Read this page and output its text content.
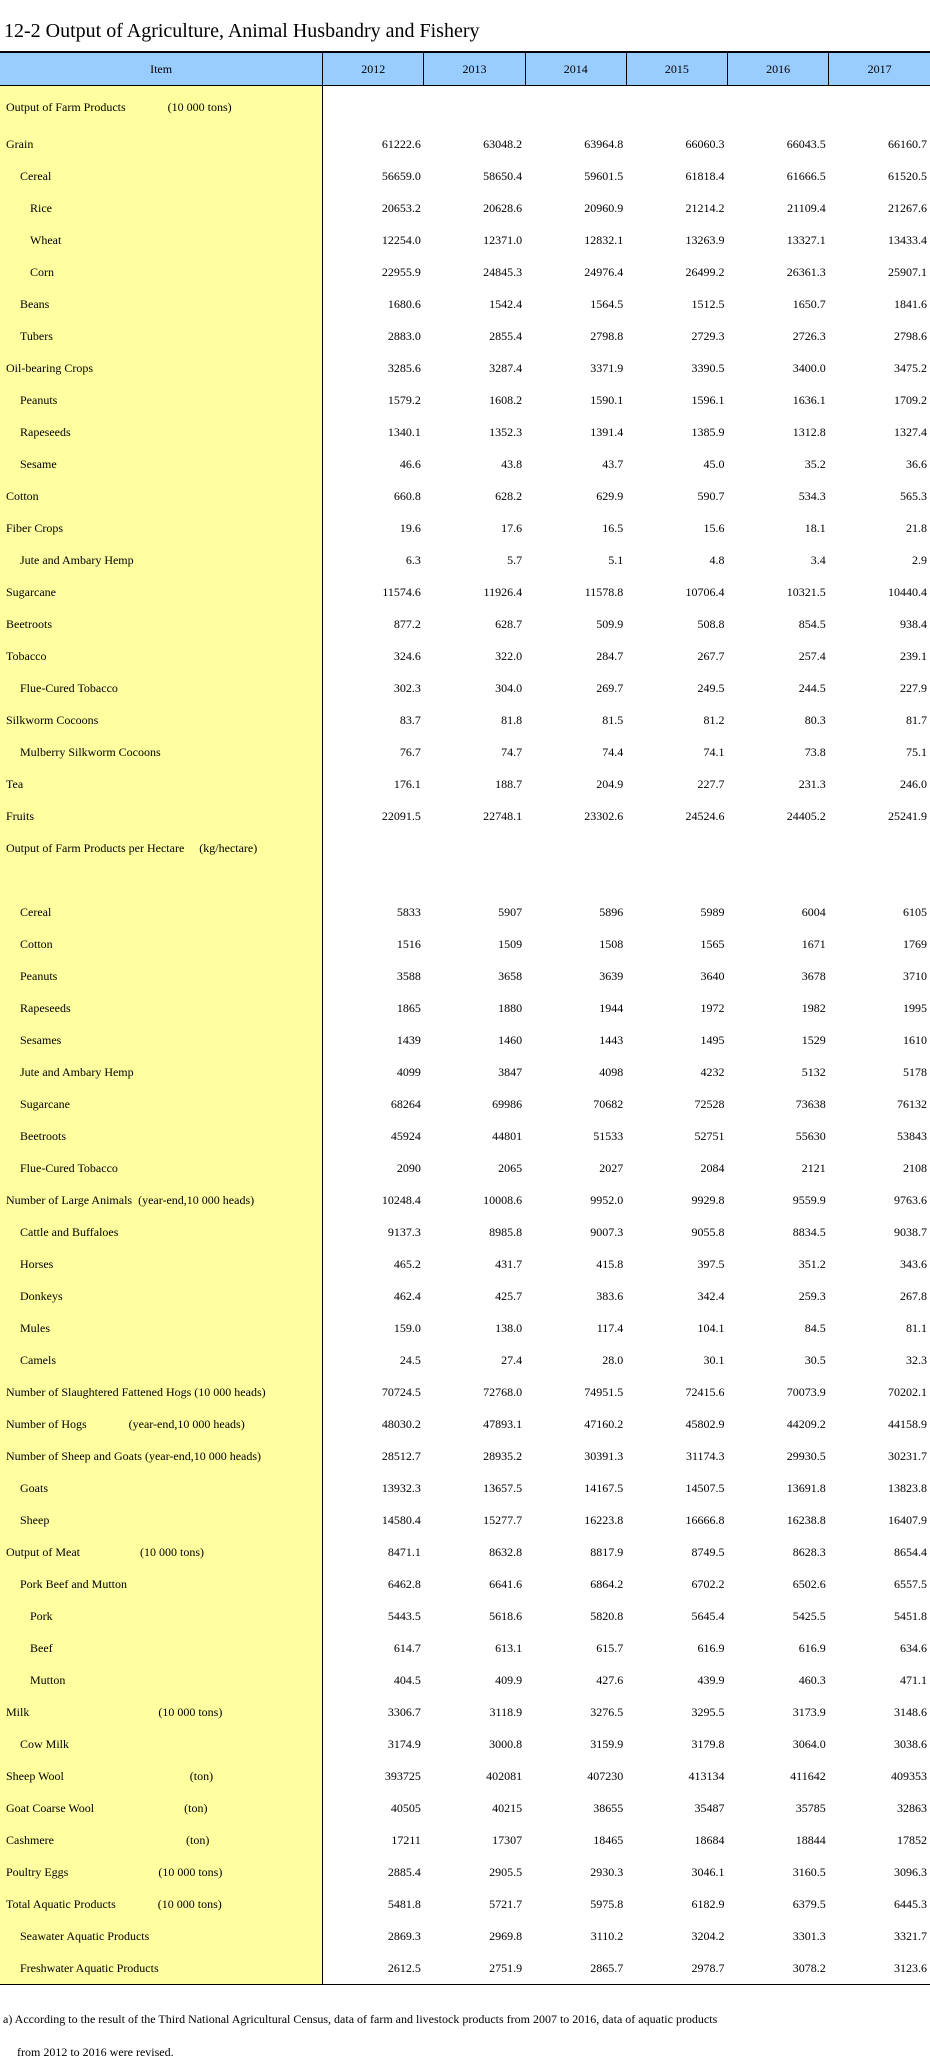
12-2 Output of Agriculture, Animal Husbandry and Fishery
Item	2012	2013	2014	2015	2016	2017
Output of Farm Products              (10 000 tons)						
Grain	61222.6	63048.2	63964.8	66060.3	66043.5	66160.7
Cereal	56659.0	58650.4	59601.5	61818.4	61666.5	61520.5
Rice	20653.2	20628.6	20960.9	21214.2	21109.4	21267.6
Wheat	12254.0	12371.0	12832.1	13263.9	13327.1	13433.4
Corn	22955.9	24845.3	24976.4	26499.2	26361.3	25907.1
Beans	1680.6	1542.4	1564.5	1512.5	1650.7	1841.6
Tubers	2883.0	2855.4	2798.8	2729.3	2726.3	2798.6
Oil-bearing Crops	3285.6	3287.4	3371.9	3390.5	3400.0	3475.2
Peanuts	1579.2	1608.2	1590.1	1596.1	1636.1	1709.2
Rapeseeds	1340.1	1352.3	1391.4	1385.9	1312.8	1327.4
Sesame	46.6	43.8	43.7	45.0	35.2	36.6
Cotton	660.8	628.2	629.9	590.7	534.3	565.3
Fiber Crops	19.6	17.6	16.5	15.6	18.1	21.8
Jute and Ambary Hemp	6.3	5.7	5.1	4.8	3.4	2.9
Sugarcane	11574.6	11926.4	11578.8	10706.4	10321.5	10440.4
Beetroots	877.2	628.7	509.9	508.8	854.5	938.4
Tobacco	324.6	322.0	284.7	267.7	257.4	239.1
Flue-Cured Tobacco	302.3	304.0	269.7	249.5	244.5	227.9
Silkworm Cocoons	83.7	81.8	81.5	81.2	80.3	81.7
Mulberry Silkworm Cocoons	76.7	74.7	74.4	74.1	73.8	75.1
Tea	176.1	188.7	204.9	227.7	231.3	246.0
Fruits	22091.5	22748.1	23302.6	24524.6	24405.2	25241.9
Output of Farm Products per Hectare     (kg/hectare)						

Cereal	5833	5907	5896	5989	6004	6105
Cotton	1516	1509	1508	1565	1671	1769
Peanuts	3588	3658	3639	3640	3678	3710
Rapeseeds	1865	1880	1944	1972	1982	1995
Sesames	1439	1460	1443	1495	1529	1610
Jute and Ambary Hemp	4099	3847	4098	4232	5132	5178
Sugarcane	68264	69986	70682	72528	73638	76132
Beetroots	45924	44801	51533	52751	55630	53843
Flue-Cured Tobacco	2090	2065	2027	2084	2121	2108
Number of Large Animals  (year-end,10 000 heads)	10248.4	10008.6	9952.0	9929.8	9559.9	9763.6
Cattle and Buffaloes	9137.3	8985.8	9007.3	9055.8	8834.5	9038.7
Horses	465.2	431.7	415.8	397.5	351.2	343.6
Donkeys	462.4	425.7	383.6	342.4	259.3	267.8
Mules	159.0	138.0	117.4	104.1	84.5	81.1
Camels	24.5	27.4	28.0	30.1	30.5	32.3
Number of Slaughtered Fattened Hogs (10 000 heads)	70724.5	72768.0	74951.5	72415.6	70073.9	70202.1
Number of Hogs              (year-end,10 000 heads)	48030.2	47893.1	47160.2	45802.9	44209.2	44158.9
Number of Sheep and Goats (year-end,10 000 heads)	28512.7	28935.2	30391.3	31174.3	29930.5	30231.7
Goats	13932.3	13657.5	14167.5	14507.5	13691.8	13823.8
Sheep	14580.4	15277.7	16223.8	16666.8	16238.8	16407.9
Output of Meat                    (10 000 tons)	8471.1	8632.8	8817.9	8749.5	8628.3	8654.4
Pork Beef and Mutton	6462.8	6641.6	6864.2	6702.2	6502.6	6557.5
Pork	5443.5	5618.6	5820.8	5645.4	5425.5	5451.8
Beef	614.7	613.1	615.7	616.9	616.9	634.6
Mutton	404.5	409.9	427.6	439.9	460.3	471.1
Milk                                           (10 000 tons)	3306.7	3118.9	3276.5	3295.5	3173.9	3148.6
Cow Milk	3174.9	3000.8	3159.9	3179.8	3064.0	3038.6
Sheep Wool                                          (ton)	393725	402081	407230	413134	411642	409353
Goat Coarse Wool                              (ton)	40505	40215	38655	35487	35785	32863
Cashmere                                            (ton)	17211	17307	18465	18684	18844	17852
Poultry Eggs                              (10 000 tons)	2885.4	2905.5	2930.3	3046.1	3160.5	3096.3
Total Aquatic Products              (10 000 tons)	5481.8	5721.7	5975.8	6182.9	6379.5	6445.3
Seawater Aquatic Products	2869.3	2969.8	3110.2	3204.2	3301.3	3321.7
Freshwater Aquatic Products	2612.5	2751.9	2865.7	2978.7	3078.2	3123.6
a) According to the result of the Third National Agricultural Census, data of farm and livestock products from 2007 to 2016, data of aquatic products
from 2012 to 2016 were revised.
